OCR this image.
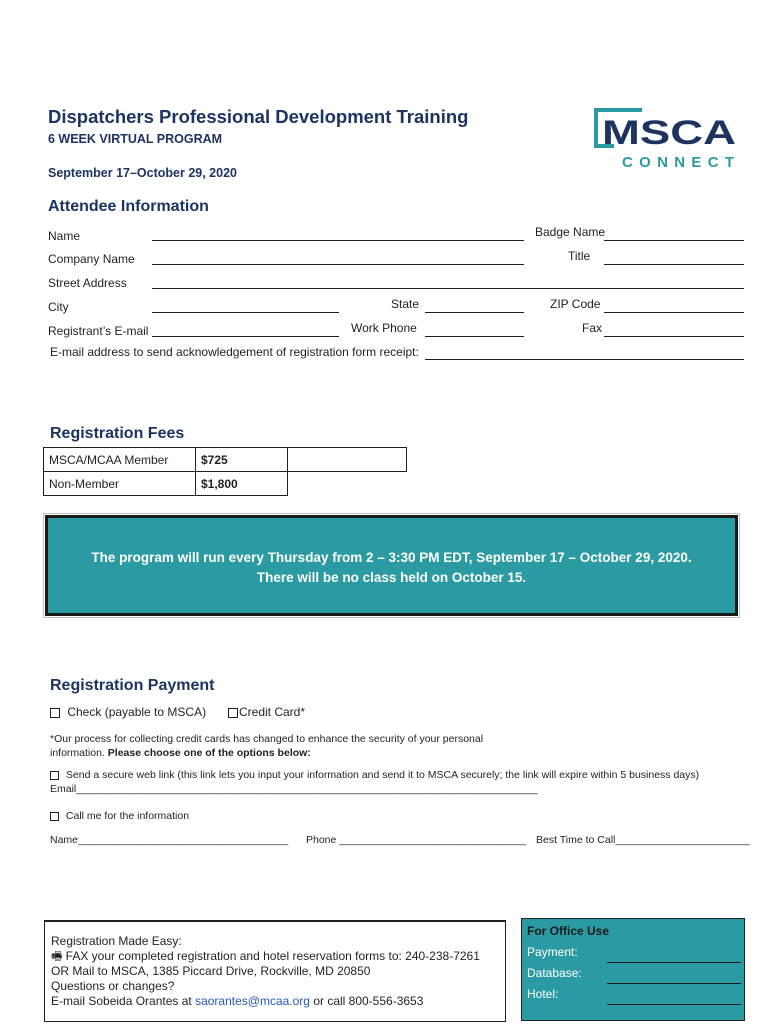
Dispatchers Professional Development Training
6 WEEK VIRTUAL PROGRAM
September 17–October 29, 2020
MSCA
CONNECT
Attendee Information
Name	Badge Name
Company Name	Title
Street Address
City	State	ZIP Code
Registrant’s E-mail	Work Phone	Fax
E-mail address to send acknowledgement of registration form receipt:
Registration Fees
MSCA/MCAA Member	$725	
Non-Member	$1,800	

The program will run every Thursday from 2 – 3:30 PM EDT, September 17 – October 29, 2020.

There will be no class held on October 15.

Registration Payment
Check (payable to MSCA)	Credit Card*
*Our process for collecting credit cards has changed to enhance the security of your personal
information. Please choose one of the options below:
Send a secure web link (this link lets you input your information and send it to MSCA securely; the link will expire within 5 business days)
Email_______________________________________________________________________________
Call me for the information
Name____________________________________ Phone ________________________________ Best Time to Call_______________________
Registration Made Easy:
🖷 FAX your completed registration and hotel reservation forms to: 240-238-7261
OR Mail to MSCA, 1385 Piccard Drive, Rockville, MD 20850
Questions or changes?
E-mail Sobeida Orantes at saorantes@mcaa.org or call 800-556-3653
For Office Use
Payment:
Database:
Hotel:
